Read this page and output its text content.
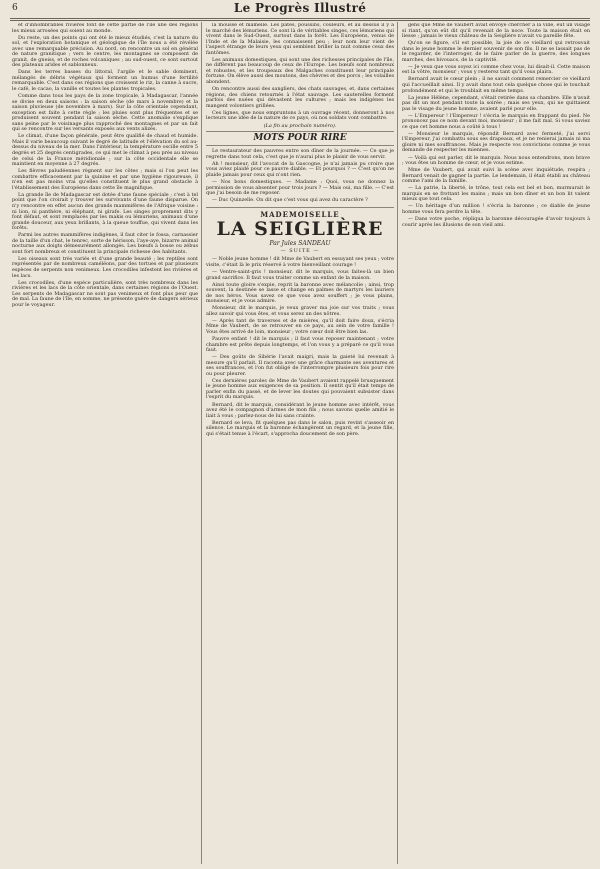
6	Le Progrès Illustré

et d'innombrables rivières font de cette partie de l'île une des régions les mieux arrosées qui soient au monde.

Du reste, un des points qui ont été le mieux étudiés, c'est la nature du sol, et l'exploration botanique et géologique de l'île nous a été révélée avec une remarquable précision. Au nord, on rencontre un sol en général de nature granitique ; vers le centre, les montagnes se composent de granit, de gneiss, et de roches volcaniques ; au sud-ouest, ce sont surtout des plateaux arides et sablonneux.

Dans les terres basses du littoral, l'argile et le sable dominent, mélangés de débris végétaux qui forment un humus d'une fertilité remarquable. C'est dans ces régions que croissent le riz, la canne à sucre, le café, le cacao, la vanille et toutes les plantes tropicales.

Comme dans tous les pays de la zone tropicale, à Madagascar, l'année se divise en deux saisons : la saison sèche (de mars à novembre) et la saison pluvieuse (de novembre à mars). Sur la côte orientale cependant, exception est faite à cette règle ; les pluies sont plus fréquentes et se produisent souvent pendant la saison sèche. Cette anomalie s'explique sans peine par le voisinage plus rapproché des montagnes et par un fait qui se rencontre sur les versants exposés aux vents alizés.

Le climat, d'une façon générale, peut être qualifié de chaud et humide. Mais il varie beaucoup suivant le degré de latitude et l'élévation du sol au-dessus du niveau de la mer. Dans l'intérieur, la température oscille entre 5 degrés et 25 degrés centigrades, ce qui met le climat à peu près au niveau de celui de la France méridionale ; sur la côte occidentale elle se maintient en moyenne à 27 degrés.

Les fièvres paludéennes règnent sur les côtes ; mais si l'on peut les combattre efficacement par la quinine et par une hygiène rigoureuse, il n'en est pas moins vrai qu'elles constituent le plus grand obstacle à l'établissement des Européens dans cette île magnifique.

La grande île de Madagascar est dotée d'une faune spéciale ; c'est à tel point que l'on croirait y trouver les survivants d'une faune disparue. On n'y rencontre en effet aucun des grands mammifères de l'Afrique voisine : ni lion, ni panthère, ni éléphant, ni girafe. Les singes proprement dits y font défaut, et sont remplacés par les makis ou lémuriens, animaux d'une grande douceur, aux yeux brillants, à la queue touffue, qui vivent dans les forêts.

Parmi les autres mammifères indigènes, il faut citer le fossa, carnassier de la taille d'un chat, le tenrec, sorte de hérisson, l'aye-aye, bizarre animal nocturne aux doigts démesurément allongés. Les bœufs à bosse ou zébus sont fort nombreux et constituent la principale richesse des habitants.

Les oiseaux sont très variés et d'une grande beauté ; les reptiles sont représentés par de nombreux caméléons, par des tortues et par plusieurs espèces de serpents non venimeux. Les crocodiles infestent les rivières et les lacs.

Les crocodiles, d'une espèce particulière, sont très nombreux dans les rivières et les lacs de la côte orientale, dans certaines régions de l'Ouest. Les serpents de Madagascar ne sont pas venimeux et font plus peur que de mal. La faune de l'île, en somme, ne présente guère de dangers sérieux pour le voyageur.

la mousse et mamelle. Les pâtes, poussins, couleurs, et au dessus il y a le marché des lémuriens. Ce sont là de véritables singes, ces lémuriens qui vivent dans le Sud-Ouest, surtout dans la forêt. Les Européens, venus de l'Inde et de la Malaisie, les connaissent peu ; leur nom leur vient de l'aspect étrange de leurs yeux qui semblent briller la nuit comme ceux des fantômes.

Les animaux domestiques, qui sont une des richesses principales de l'île, ne diffèrent pas beaucoup de ceux de l'Europe. Les bœufs sont nombreux et robustes, et les troupeaux des Malgaches constituent leur principale fortune. On élève aussi des moutons, des chèvres et des porcs ; les volailles abondent.

On rencontre aussi des sangliers, des chats sauvages, et, dans certaines régions, des chiens retournés à l'état sauvage. Les sauterelles forment parfois des nuées qui dévastent les cultures ; mais les indigènes les mangent volontiers grillées.

Ces lignes, que nous empruntons à un ouvrage récent, donneront à nos lecteurs une idée de la nature de ce pays, où nos soldats vont combattre.

(La fin au prochain numéro).
MOTS POUR RIRE

Le restaurateur des pauvres entre son dîner de la journée. — Ce que je regrette dans tout cela, c'est que je n'aurai plus le plaisir de vous servir.

Ah ! monsieur, dit l'avocat de la Gascogne, je n'ai jamais pu croire que vous aviez plaidé pour ce pauvre diable. — Et pourquoi ? — C'est qu'on ne plaide jamais pour ceux qui n'ont rien.

— Nos bons domestiques. — Madame : Quoi, vous ne donnez la permission de vous absenter pour trois jours ? — Mais oui, ma fille. — C'est que j'ai besoin de me reposer.

— Duc Quinzelle. On dit que c'est vous qui avez du caractère ?

MADEMOISELLE
LA SEIGLIÈRE
Par Jules SANDEAU
— SUITE —

— Noble jeune homme ! dit Mme de Vaubert en essuyant ses yeux ; votre visite, c'était là le prix réservé à votre bienveillant courage !

— Ventre-saint-gris ! monsieur, dit le marquis, vous faites-là un bien grand sacrifice. Il faut vous traiter comme un enfant de la maison.

Ainsi toute gloire s'expie, reprit la baronne avec mélancolie ; ainsi, trop souvent, la destinée se lasse et change en palmes de martyrs les lauriers de nos héros. Vous savez ce que vous avez souffert ; je vous plains, monsieur, et je vous admire.

Monsieur, dit le marquis, je veux graver ma joie sur vos traits ; vous allez savoir qui vous êtes, et vous serez un des nôtres.

— Après tant de traverses et de misères, qu'il doit faire doux, s'écria Mme de Vaubert, de se retrouver en ce pays, au sein de votre famille ! Vous êtes arrivé de loin, monsieur ; votre cœur doit être bien las.

Pauvre enfant ! dit le marquis ; il faut vous reposer maintenant ; votre chambre est prête depuis longtemps, et l'on vous y a préparé ce qu'il vous faut.

— Des goûts de Sibérie l'avait maigri, mais la gaieté lui revenait à mesure qu'il parlait. Il raconta avec une grâce charmante ses aventures et ses souffrances, et l'on fut obligé de l'interrompre plusieurs fois pour rire ou pour pleurer.

Ces dernières paroles de Mme de Vaubert avaient rappelé brusquement le jeune homme aux exigences de sa position. Il sentit qu'il était temps de parler enfin du passé, et de lever les doutes qui pouvaient subsister dans l'esprit du marquis.

Bernard, dit le marquis, considérant le jeune homme avec intérêt, vous avez été le compagnon d'armes de mon fils ; nous savons quelle amitié le liait à vous ; parlez-nous de lui sans crainte.

Bernard se leva, fit quelques pas dans le salon, puis revint s'asseoir en silence. Le marquis et la baronne échangèrent un regard, et la jeune fille, qui s'était tenue à l'écart, s'approcha doucement de son père.

gens que Mme de Vaubert avait envoyé chercher à la ville, eut un visage si riant, qu'on eût dit qu'il revenait de la noce. Toute la maison était en liesse ; jamais le vieux château de la Seiglière n'avait vu pareille fête.

Qu'on se figure, s'il est possible, la joie de ce vieillard qui retrouvait dans le jeune homme le dernier souvenir de son fils. Il ne se lassait pas de le regarder, de l'interroger, de le faire parler de la guerre, des longues marches, des bivouacs, de la captivité.

— Je veux que vous soyez ici comme chez vous, lui disait-il. Cette maison est la vôtre, monsieur ; vous y resterez tant qu'il vous plaira.

Bernard avait le cœur plein ; il ne savait comment remercier ce vieillard qui l'accueillait ainsi. Il y avait dans tout cela quelque chose qui le touchait profondément et qui le troublait en même temps.

La jeune Hélène, cependant, s'était retirée dans sa chambre. Elle n'avait pas dit un mot pendant toute la soirée ; mais ses yeux, qui ne quittaient pas le visage du jeune homme, avaient parlé pour elle.

— L'Empereur ! l'Empereur ! s'écria le marquis en frappant du pied. Ne prononcez pas ce nom devant moi, monsieur ; il me fait mal. Si vous saviez ce que cet homme nous a coûté à tous !

— Monsieur le marquis, répondit Bernard avec fermeté, j'ai servi l'Empereur, j'ai combattu sous ses drapeaux, et je ne renierai jamais ni ma gloire ni mes souffrances. Mais je respecte vos convictions comme je vous demande de respecter les miennes.

— Voilà qui est parler, dit le marquis. Nous nous entendrons, mon brave ; vous êtes un homme de cœur, et je vous estime.

Mme de Vaubert, qui avait suivi la scène avec inquiétude, respira ; Bernard venait de gagner la partie. Le lendemain, il était établi au château comme l'ami de la famille.

— La patrie, la liberté, le trône, tout cela est bel et bon, murmurait le marquis en se frottant les mains ; mais un bon dîner et un bon lit valent mieux que tout cela.

— Un héritage d'un million ! s'écria la baronne ; ce diable de jeune homme vous fera perdre la tête.

— Dans votre poche, répliqua la baronne découragée d'avoir toujours à courir après les illusions de son vieil ami.
